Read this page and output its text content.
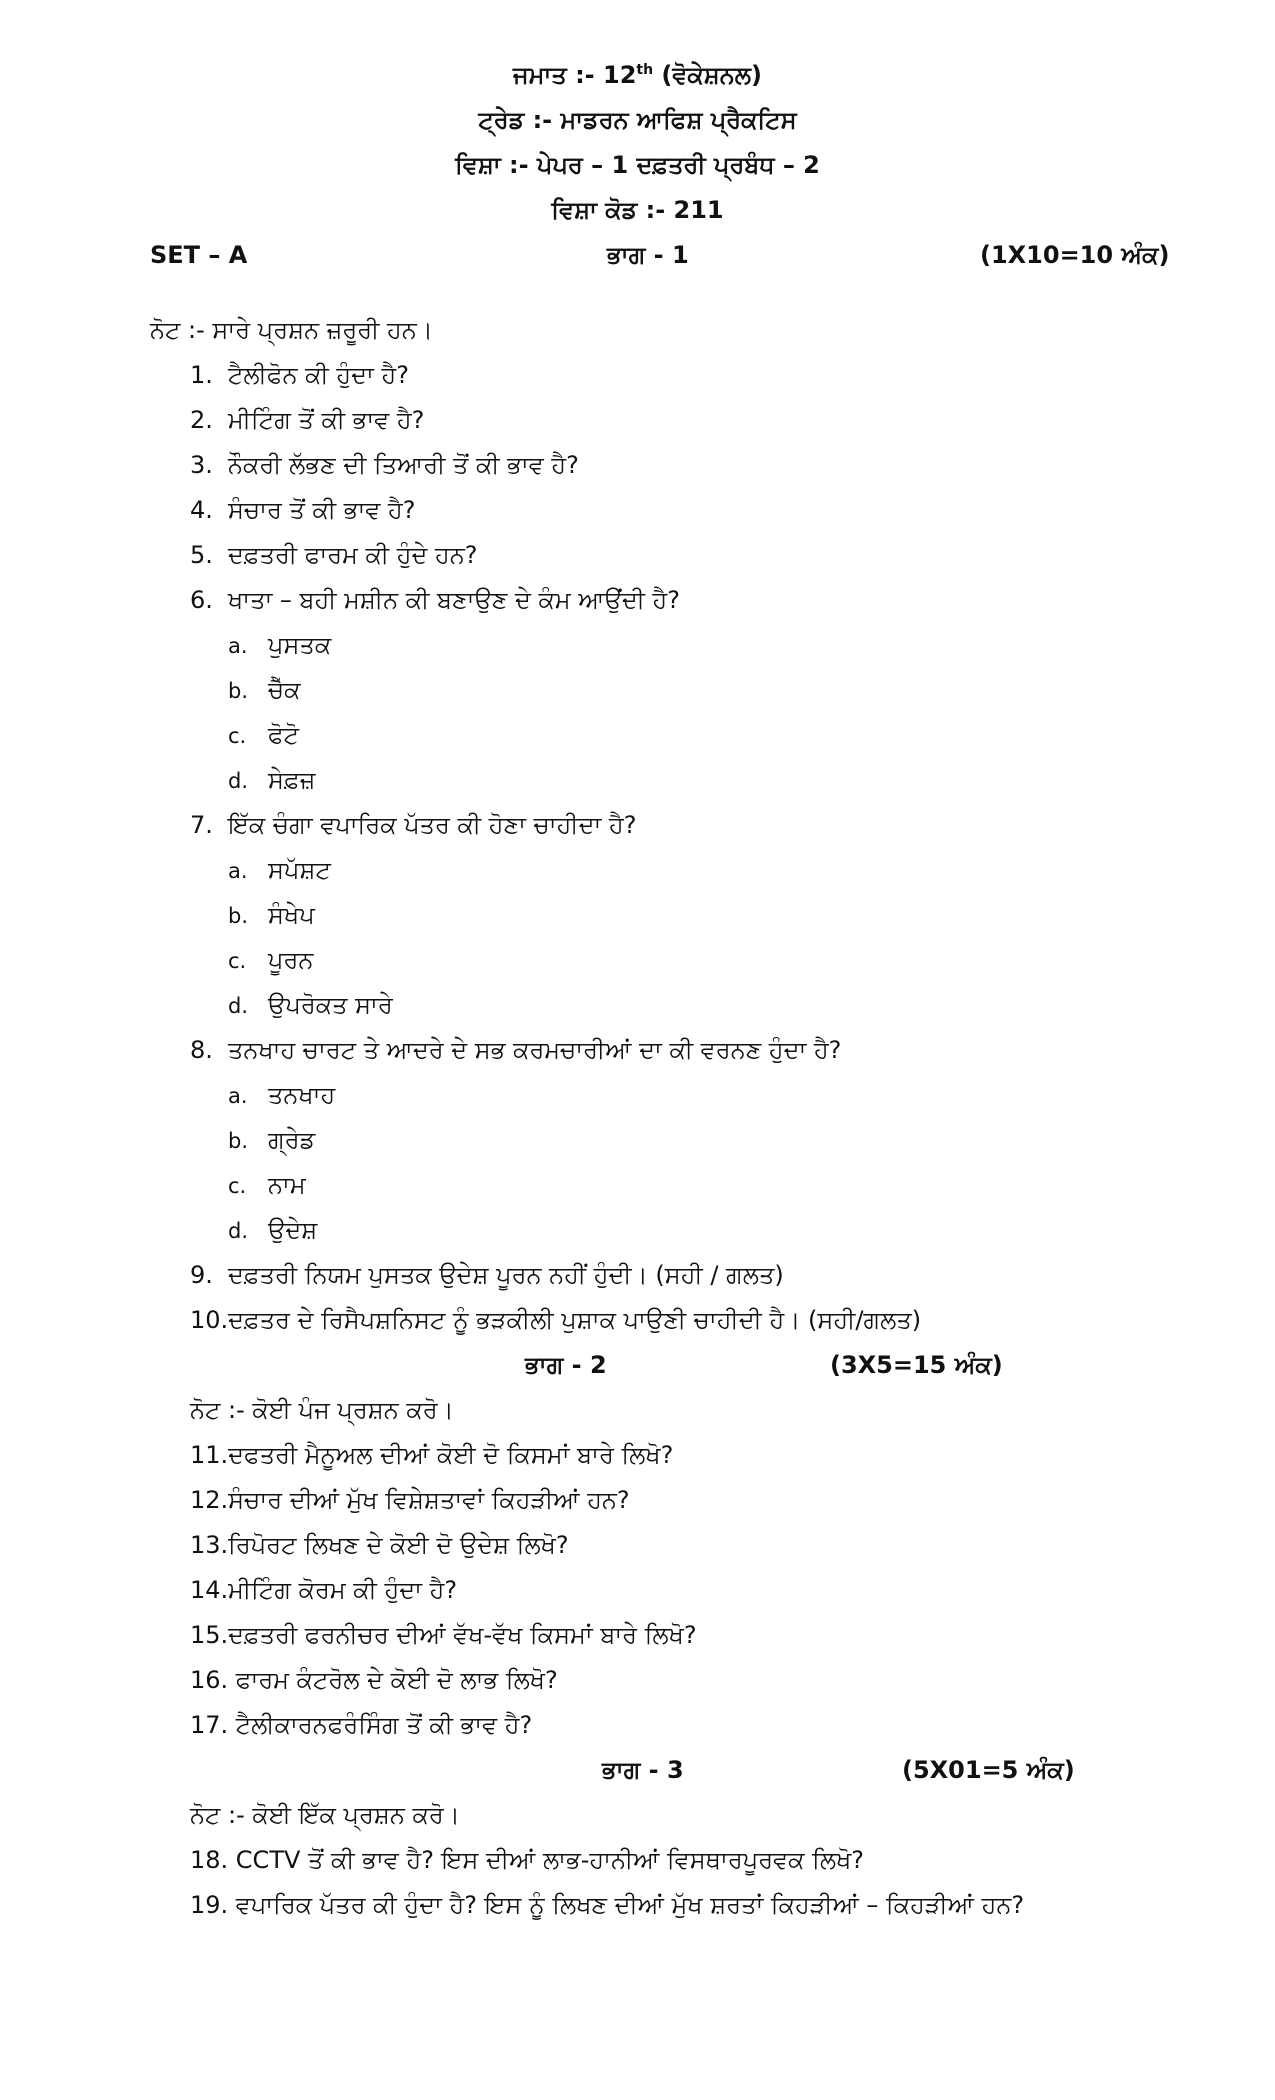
ਜਮਾਤ :- 12th (ਵੋਕੇਸ਼ਨਲ)
ਟ੍ਰੇਡ :- ਮਾਡਰਨ ਆਫਿਸ਼ ਪ੍ਰੈਕਟਿਸ
ਵਿਸ਼ਾ :- ਪੇਪਰ – 1 ਦਫ਼ਤਰੀ ਪ੍ਰਬੰਧ – 2
ਵਿਸ਼ਾ ਕੋਡ :- 211
SET – A	ਭਾਗ - 1	(1X10=10 ਅੰਕ)
ਨੋਟ :- ਸਾਰੇ ਪ੍ਰਸ਼ਨ ਜ਼ਰੂਰੀ ਹਨ।
1. ਟੈਲੀਫੋਨ ਕੀ ਹੁੰਦਾ ਹੈ?
2. ਮੀਟਿੰਗ ਤੋਂ ਕੀ ਭਾਵ ਹੈ?
3. ਨੌਕਰੀ ਲੱਭਣ ਦੀ ਤਿਆਰੀ ਤੋਂ ਕੀ ਭਾਵ ਹੈ?
4. ਸੰਚਾਰ ਤੋਂ ਕੀ ਭਾਵ ਹੈ?
5. ਦਫ਼ਤਰੀ ਫਾਰਮ ਕੀ ਹੁੰਦੇ ਹਨ?
6. ਖਾਤਾ – ਬਹੀ ਮਸ਼ੀਨ ਕੀ ਬਣਾਉਣ ਦੇ ਕੰਮ ਆਉਂਦੀ ਹੈ?
a. ਪੁਸਤਕ
b. ਚੈੱਕ
c. ਫੋਟੋ
d. ਸੇਫ਼ਜ਼
7. ਇੱਕ ਚੰਗਾ ਵਪਾਰਿਕ ਪੱਤਰ ਕੀ ਹੋਣਾ ਚਾਹੀਦਾ ਹੈ?
a. ਸਪੱਸ਼ਟ
b. ਸੰਖੇਪ
c. ਪੂਰਨ
d. ਉਪਰੋਕਤ ਸਾਰੇ
8. ਤਨਖਾਹ ਚਾਰਟ ਤੇ ਆਦਰੇ ਦੇ ਸਭ ਕਰਮਚਾਰੀਆਂ ਦਾ ਕੀ ਵਰਨਣ ਹੁੰਦਾ ਹੈ?
a. ਤਨਖਾਹ
b. ਗ੍ਰੇਡ
c. ਨਾਮ
d. ਉਦੇਸ਼
9. ਦਫ਼ਤਰੀ ਨਿਯਮ ਪੁਸਤਕ ਉਦੇਸ਼ ਪੂਰਨ ਨਹੀਂ ਹੁੰਦੀ। (ਸਹੀ / ਗਲਤ)
10.ਦਫ਼ਤਰ ਦੇ ਰਿਸੈਪਸ਼ਨਿਸਟ ਨੂੰ ਭੜਕੀਲੀ ਪੁਸ਼ਾਕ ਪਾਉਣੀ ਚਾਹੀਦੀ ਹੈ। (ਸਹੀ/ਗਲਤ)
ਭਾਗ - 2	(3X5=15 ਅੰਕ)
ਨੋਟ :- ਕੋਈ ਪੰਜ ਪ੍ਰਸ਼ਨ ਕਰੋ।
11.ਦਫਤਰੀ ਮੈਨੂਅਲ ਦੀਆਂ ਕੋਈ ਦੋ ਕਿਸਮਾਂ ਬਾਰੇ ਲਿਖੋ?
12.ਸੰਚਾਰ ਦੀਆਂ ਮੁੱਖ ਵਿਸ਼ੇਸ਼ਤਾਵਾਂ ਕਿਹੜੀਆਂ ਹਨ?
13.ਰਿਪੋਰਟ ਲਿਖਣ ਦੇ ਕੋਈ ਦੋ ਉਦੇਸ਼ ਲਿਖੋ?
14.ਮੀਟਿੰਗ ਕੋਰਮ ਕੀ ਹੁੰਦਾ ਹੈ?
15.ਦਫ਼ਤਰੀ ਫਰਨੀਚਰ ਦੀਆਂ ਵੱਖ-ਵੱਖ ਕਿਸਮਾਂ ਬਾਰੇ ਲਿਖੋ?
16. ਫਾਰਮ ਕੰਟਰੋਲ ਦੇ ਕੋਈ ਦੋ ਲਾਭ ਲਿਖੋ?
17. ਟੈਲੀਕਾਰਨਫਰੰਸਿੰਗ ਤੋਂ ਕੀ ਭਾਵ ਹੈ?
ਭਾਗ - 3	(5X01=5 ਅੰਕ)
ਨੋਟ :- ਕੋਈ ਇੱਕ ਪ੍ਰਸ਼ਨ ਕਰੋ।
18. CCTV ਤੋਂ ਕੀ ਭਾਵ ਹੈ? ਇਸ ਦੀਆਂ ਲਾਭ-ਹਾਨੀਆਂ ਵਿਸਥਾਰਪੂਰਵਕ ਲਿਖੋ?
19. ਵਪਾਰਿਕ ਪੱਤਰ ਕੀ ਹੁੰਦਾ ਹੈ? ਇਸ ਨੂੰ ਲਿਖਣ ਦੀਆਂ ਮੁੱਖ ਸ਼ਰਤਾਂ ਕਿਹੜੀਆਂ – ਕਿਹੜੀਆਂ ਹਨ?
